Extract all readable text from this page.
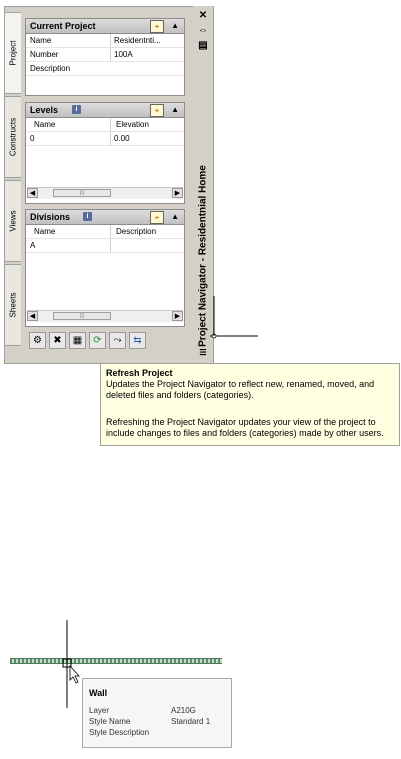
Project
Constructs
Views
Sheets
Current Project	⌖	▲
Name	Residentnti...
Number	100A
Description
Levels	i	⌖	▲
Name	Elevation
0	0.00
◀	|||	▶
Divisions	i	⌖	▲
Name	Description
A
◀	|||	▶
⚙	✖	▦	⟳	⤳	⇆
✕
⇔
▤
Project Navigator - Residentnial Home
☰
Refresh Project
Updates the Project Navigator to reflect new, renamed, moved, and deleted files and folders (categories).
Refreshing the Project Navigator updates your view of the project to include changes to files and folders (categories) made by other users.
Wall
Layer	A210G
Style Name	Standard 1
Style Description
